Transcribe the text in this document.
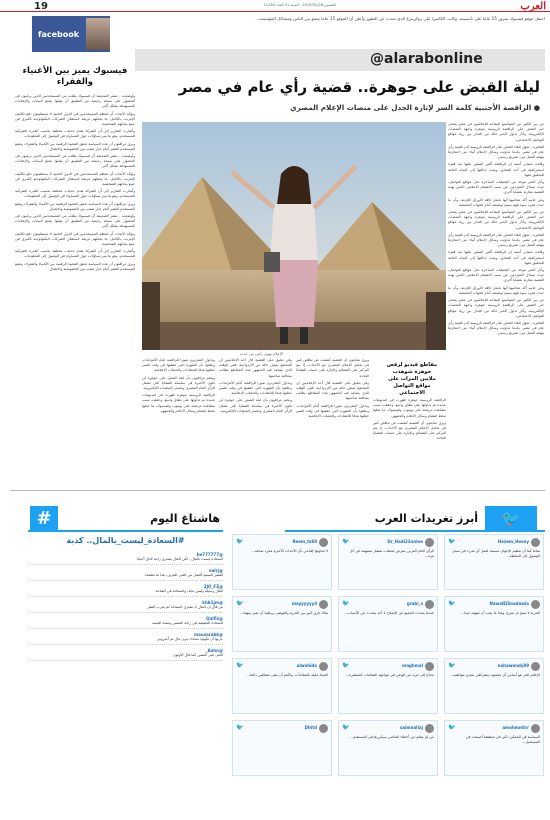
العرب
19	الخميس 2019/02/28 - السنة 41 العدد 11284
احتفل موقع فيسبوك بمرور 15 عاما على تأسيسه، وكانت الكاميرا على زوكربيرغ الذي تحدث عن التطور وأعلن أن الموقع 15 عاما يجمع بين الناس ومشاكل المؤسسة...
facebook
@alarabonline
فيسبوك يميز بين الأغنياء والفقراء

وأوضحت - تنشر الصحيفة أن فيسبوك يطلب من المستخدمين الذين يرغبون في الحصول على نسخة رخيصة من التطبيق أن يقبلوا بجمع البيانات والإعلانات المستهدفة بشكل أكبر.

وتؤكد الأبحاث أن معظم المستخدمين في الدول النامية لا يستطيعون دفع تكاليف الإنترنت بالكامل، ما يجعلهم عرضة لاستغلال الشركات التكنولوجية الكبرى في جمع بياناتهم الشخصية.

وأشارت التقارير إلى أن الشركة تقدم خدمات مختلفة بحسب القدرة الشرائية للمستخدم، وهو ما يثير تساؤلات حول المساواة في الوصول إلى المعلومات.

ويرى مراقبون أن هذه السياسة تعمق الفجوة الرقمية بين الأغنياء والفقراء، وتضع المستخدم الفقير أمام خيار صعب بين الخصوصية والاتصال.

وأوضحت - تنشر الصحيفة أن فيسبوك يطلب من المستخدمين الذين يرغبون في الحصول على نسخة رخيصة من التطبيق أن يقبلوا بجمع البيانات والإعلانات المستهدفة بشكل أكبر.

وتؤكد الأبحاث أن معظم المستخدمين في الدول النامية لا يستطيعون دفع تكاليف الإنترنت بالكامل، ما يجعلهم عرضة لاستغلال الشركات التكنولوجية الكبرى في جمع بياناتهم الشخصية.

وأشارت التقارير إلى أن الشركة تقدم خدمات مختلفة بحسب القدرة الشرائية للمستخدم، وهو ما يثير تساؤلات حول المساواة في الوصول إلى المعلومات.

ويرى مراقبون أن هذه السياسة تعمق الفجوة الرقمية بين الأغنياء والفقراء، وتضع المستخدم الفقير أمام خيار صعب بين الخصوصية والاتصال.

وأوضحت - تنشر الصحيفة أن فيسبوك يطلب من المستخدمين الذين يرغبون في الحصول على نسخة رخيصة من التطبيق أن يقبلوا بجمع البيانات والإعلانات المستهدفة بشكل أكبر.

وتؤكد الأبحاث أن معظم المستخدمين في الدول النامية لا يستطيعون دفع تكاليف الإنترنت بالكامل، ما يجعلهم عرضة لاستغلال الشركات التكنولوجية الكبرى في جمع بياناتهم الشخصية.

وأشارت التقارير إلى أن الشركة تقدم خدمات مختلفة بحسب القدرة الشرائية للمستخدم، وهو ما يثير تساؤلات حول المساواة في الوصول إلى المعلومات.

ويرى مراقبون أن هذه السياسة تعمق الفجوة الرقمية بين الأغنياء والفقراء، وتضع المستخدم الفقير أمام خيار صعب بين الخصوصية والاتصال.

ليلة القبض على جوهرة.. قضية رأي عام في مصر
● الراقصة الأجنبية كلمة السر لإثارة الجدل على منصات الإعلام المصري
الإعلام يهوي رأس من حدث

من بين الكثير من المواضيع المتاحة للإعلاميين في مصر يتصدر خبر القبض على الراقصة الروسية جوهرة واجهة المنصات الإلكترونية، وأثار تداول الخبر حالة من الجدل بين رواد مواقع التواصل الاجتماعي.

القاهرة - تحول إلقاء القبض على الراقصة الروسية إلى قضية رأي عام في مصر، بعدما تداولت وسائل الإعلام أنباء عن احتجازها بتهمة العمل دون تصريح رسمي.

وقالت مصادر أمنية إن الراقصة ألقي القبض عليها بعد فقرة استعراضية في أحد الفنادق، وتمت إحالتها إلى النيابة العامة للتحقيق معها.

وأثار الخبر موجة من التعليقات الساخرة على مواقع التواصل، حيث تساءل المغردون عن سبب الاهتمام الإعلامي الكبير بهذه القضية مقارنة بقضايا أخرى.

ومن جانبه أكد محاميها أنها تحمل كافة الأوراق اللازمة، وأن ما حدث مجرد سوء فهم سيتم توضيحه أمام الجهات المختصة.

من بين الكثير من المواضيع المتاحة للإعلاميين في مصر يتصدر خبر القبض على الراقصة الروسية جوهرة واجهة المنصات الإلكترونية، وأثار تداول الخبر حالة من الجدل بين رواد مواقع التواصل الاجتماعي.

القاهرة - تحول إلقاء القبض على الراقصة الروسية إلى قضية رأي عام في مصر، بعدما تداولت وسائل الإعلام أنباء عن احتجازها بتهمة العمل دون تصريح رسمي.

وقالت مصادر أمنية إن الراقصة ألقي القبض عليها بعد فقرة استعراضية في أحد الفنادق، وتمت إحالتها إلى النيابة العامة للتحقيق معها.

وأثار الخبر موجة من التعليقات الساخرة على مواقع التواصل، حيث تساءل المغردون عن سبب الاهتمام الإعلامي الكبير بهذه القضية مقارنة بقضايا أخرى.

ومن جانبه أكد محاميها أنها تحمل كافة الأوراق اللازمة، وأن ما حدث مجرد سوء فهم سيتم توضيحه أمام الجهات المختصة.

من بين الكثير من المواضيع المتاحة للإعلاميين في مصر يتصدر خبر القبض على الراقصة الروسية جوهرة واجهة المنصات الإلكترونية، وأثار تداول الخبر حالة من الجدل بين رواد مواقع التواصل الاجتماعي.

القاهرة - تحول إلقاء القبض على الراقصة الروسية إلى قضية رأي عام في مصر، بعدما تداولت وسائل الإعلام أنباء عن احتجازها بتهمة العمل دون تصريح رسمي.

الراقصة الروسية جوهرة ظهرت في فيديوهات عديدة تم تداولها على نطاق واسع، وحققت نسب مشاهدة مرتفعة على يوتيوب وفيسبوك، ما جعلها محط اهتمام وسائل الإعلام والجمهور.

ويرى متابعون أن القضية كشفت عن تناقض كبير في تعامل الإعلام المصري مع الأحداث، إذ يتم التركيز على الفضائح والإثارة على حساب القضايا الجادة.

ويرى متابعون أن القضية كشفت عن تناقض كبير في تعامل الإعلام المصري مع الأحداث، إذ يتم التركيز على الفضائح والإثارة على حساب القضايا الجادة.

وفي تعليق على القضية قال أحد الإعلاميين إن المجتمع يعيش حالة من الازدواجية، ففي الوقت الذي يشاهد فيه الجمهور هذه المقاطع يطالب بمعاقبة صاحبتها.

وتداول المغردون صورا للراقصة أمام الأهرامات، وعلقوا بأن الشهرة التي حققتها في وقت قصير جعلتها هدفا للانتقادات والحملات الإعلامية.

وفي تعليق على القضية قال أحد الإعلاميين إن المجتمع يعيش حالة من الازدواجية، ففي الوقت الذي يشاهد فيه الجمهور هذه المقاطع يطالب بمعاقبة صاحبتها.

وتداول المغردون صورا للراقصة أمام الأهرامات، وعلقوا بأن الشهرة التي حققتها في وقت قصير جعلتها هدفا للانتقادات والحملات الإعلامية.

ويختم مراقبون بأن ليلة القبض على جوهرة لن تكون الأخيرة في سلسلة القضايا التي تشغل الرأي العام المصري وتتصدر المنصات الإلكترونية.

وتداول المغردون صورا للراقصة أمام الأهرامات، وعلقوا بأن الشهرة التي حققتها في وقت قصير جعلتها هدفا للانتقادات والحملات الإعلامية.

ويختم مراقبون بأن ليلة القبض على جوهرة لن تكون الأخيرة في سلسلة القضايا التي تشغل الرأي العام المصري وتتصدر المنصات الإلكترونية.

الراقصة الروسية جوهرة ظهرت في فيديوهات عديدة تم تداولها على نطاق واسع، وحققت نسب مشاهدة مرتفعة على يوتيوب وفيسبوك، ما جعلها محط اهتمام وسائل الإعلام والجمهور.

مقاطع فيديو لرقص جوهرة شوهدت ملايين المرات على مواقع التواصل الاجتماعي
أبرز تغريدات العرب	🐦
Hazem_Hosny
🐦
تماما كما أن تنظيم الإخوان مستعد لعمل أي شيء في سبيل الوصول إلى السلطة...
Dr_Hadi23anine
🐦
الرأي العام العربي يتعرض لحملات تضليل ممنهجة في كل مرة...
Reem_ts88
🐦
لا تحاولوا إقناعي بأن الأحداث الأخيرة مجرد صدفة...
NawalElSaadawia
🐦
الحرية لا تمنح بل تنتزع، وهذا ما يجب أن نفهمه جيدا...
grabi_s
🐦
عندما يتحدث الجميع عن الإصلاح لا أحد يتحدث عن الأسباب...
mayyyyyy3
🐦
هناك فرق كبير بين الحرية والفوضى، وعلينا أن نميز بينهما...
nahawandy89
🐦
الإعلام الحر هو أساس أي مجتمع ديمقراطي يحترم مواطنيه...
maghmal
🐦
نحتاج إلى مزيد من الوعي في مواجهة الشائعات المنتشرة...
alwahida
🐦
الحياة مليئة بالمفاجآت، والأهم أن نبقى متفائلين دائما...
amohmmtrr
🐦
السياسة فن الممكن، لكن في منطقتنا أصبحت فن المستحيل...
salmnallaj
🐦
من لم يتعلم من أخطاء الماضي سيكررها في المستقبل...
Dhitd
🐦
هاشتاغ اليوم
#
#السعادة_ليست_بالمال.. كذبة
@be777777
السعادة ليست بالمال.. لكن المال يشتري راحة البال أحيانا
@ealrj
الفقير السعيد أفضل من الغني الحزين، هذا ما تعلمناه
@2JO_FZ
المال وسيلة وليس غاية، والسعادة في القناعة
@khb1jm
من قال إن المال لا يشتري السعادة لم يجرب الفقر
@Qalfis
السعادة الحقيقية في راحة الضمير وصحة الجسد
@mausarabk
جربوا أن تكونوا سعداء بدون مال ثم أخبروني
@Aahn_
الغنى غنى النفس كما قال الأولون
